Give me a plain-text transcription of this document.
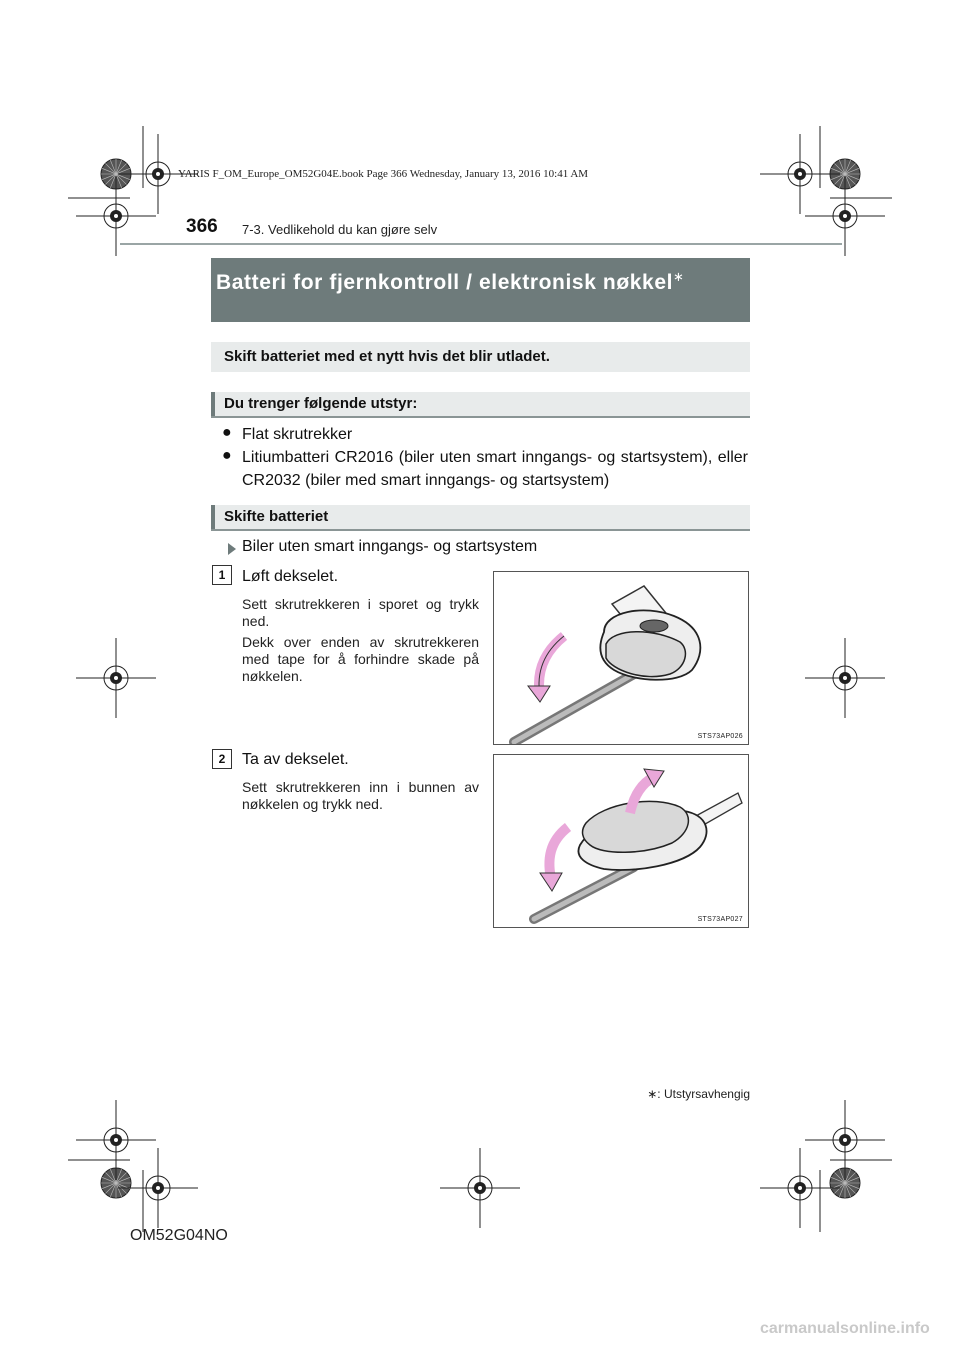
YARIS F_OM_Europe_OM52G04E.book Page 366 Wednesday, January 13, 2016 10:41 AM
366 7-3. Vedlikehold du kan gjøre selv
Batteri for fjernkontroll / elektronisk nøkkel∗
Skift batteriet med et nytt hvis det blir utladet.
Du trenger følgende utstyr:
● Flat skrutrekker
● Litiumbatteri CR2016 (biler uten smart inngangs- og startsystem), eller CR2032 (biler med smart inngangs- og startsystem)
Skifte batteriet
Biler uten smart inngangs- og startsystem
1	Løft dekselet.
Sett skrutrekkeren i sporet og trykk ned.
Dekk over enden av skrutrekkeren med tape for å forhindre skade på nøkkelen.
STS73AP026
2	Ta av dekselet.
Sett skrutrekkeren inn i bunnen av nøkkelen og trykk ned.
STS73AP027
∗: Utstyrsavhengig
OM52G04NO
carmanualsonline.info
